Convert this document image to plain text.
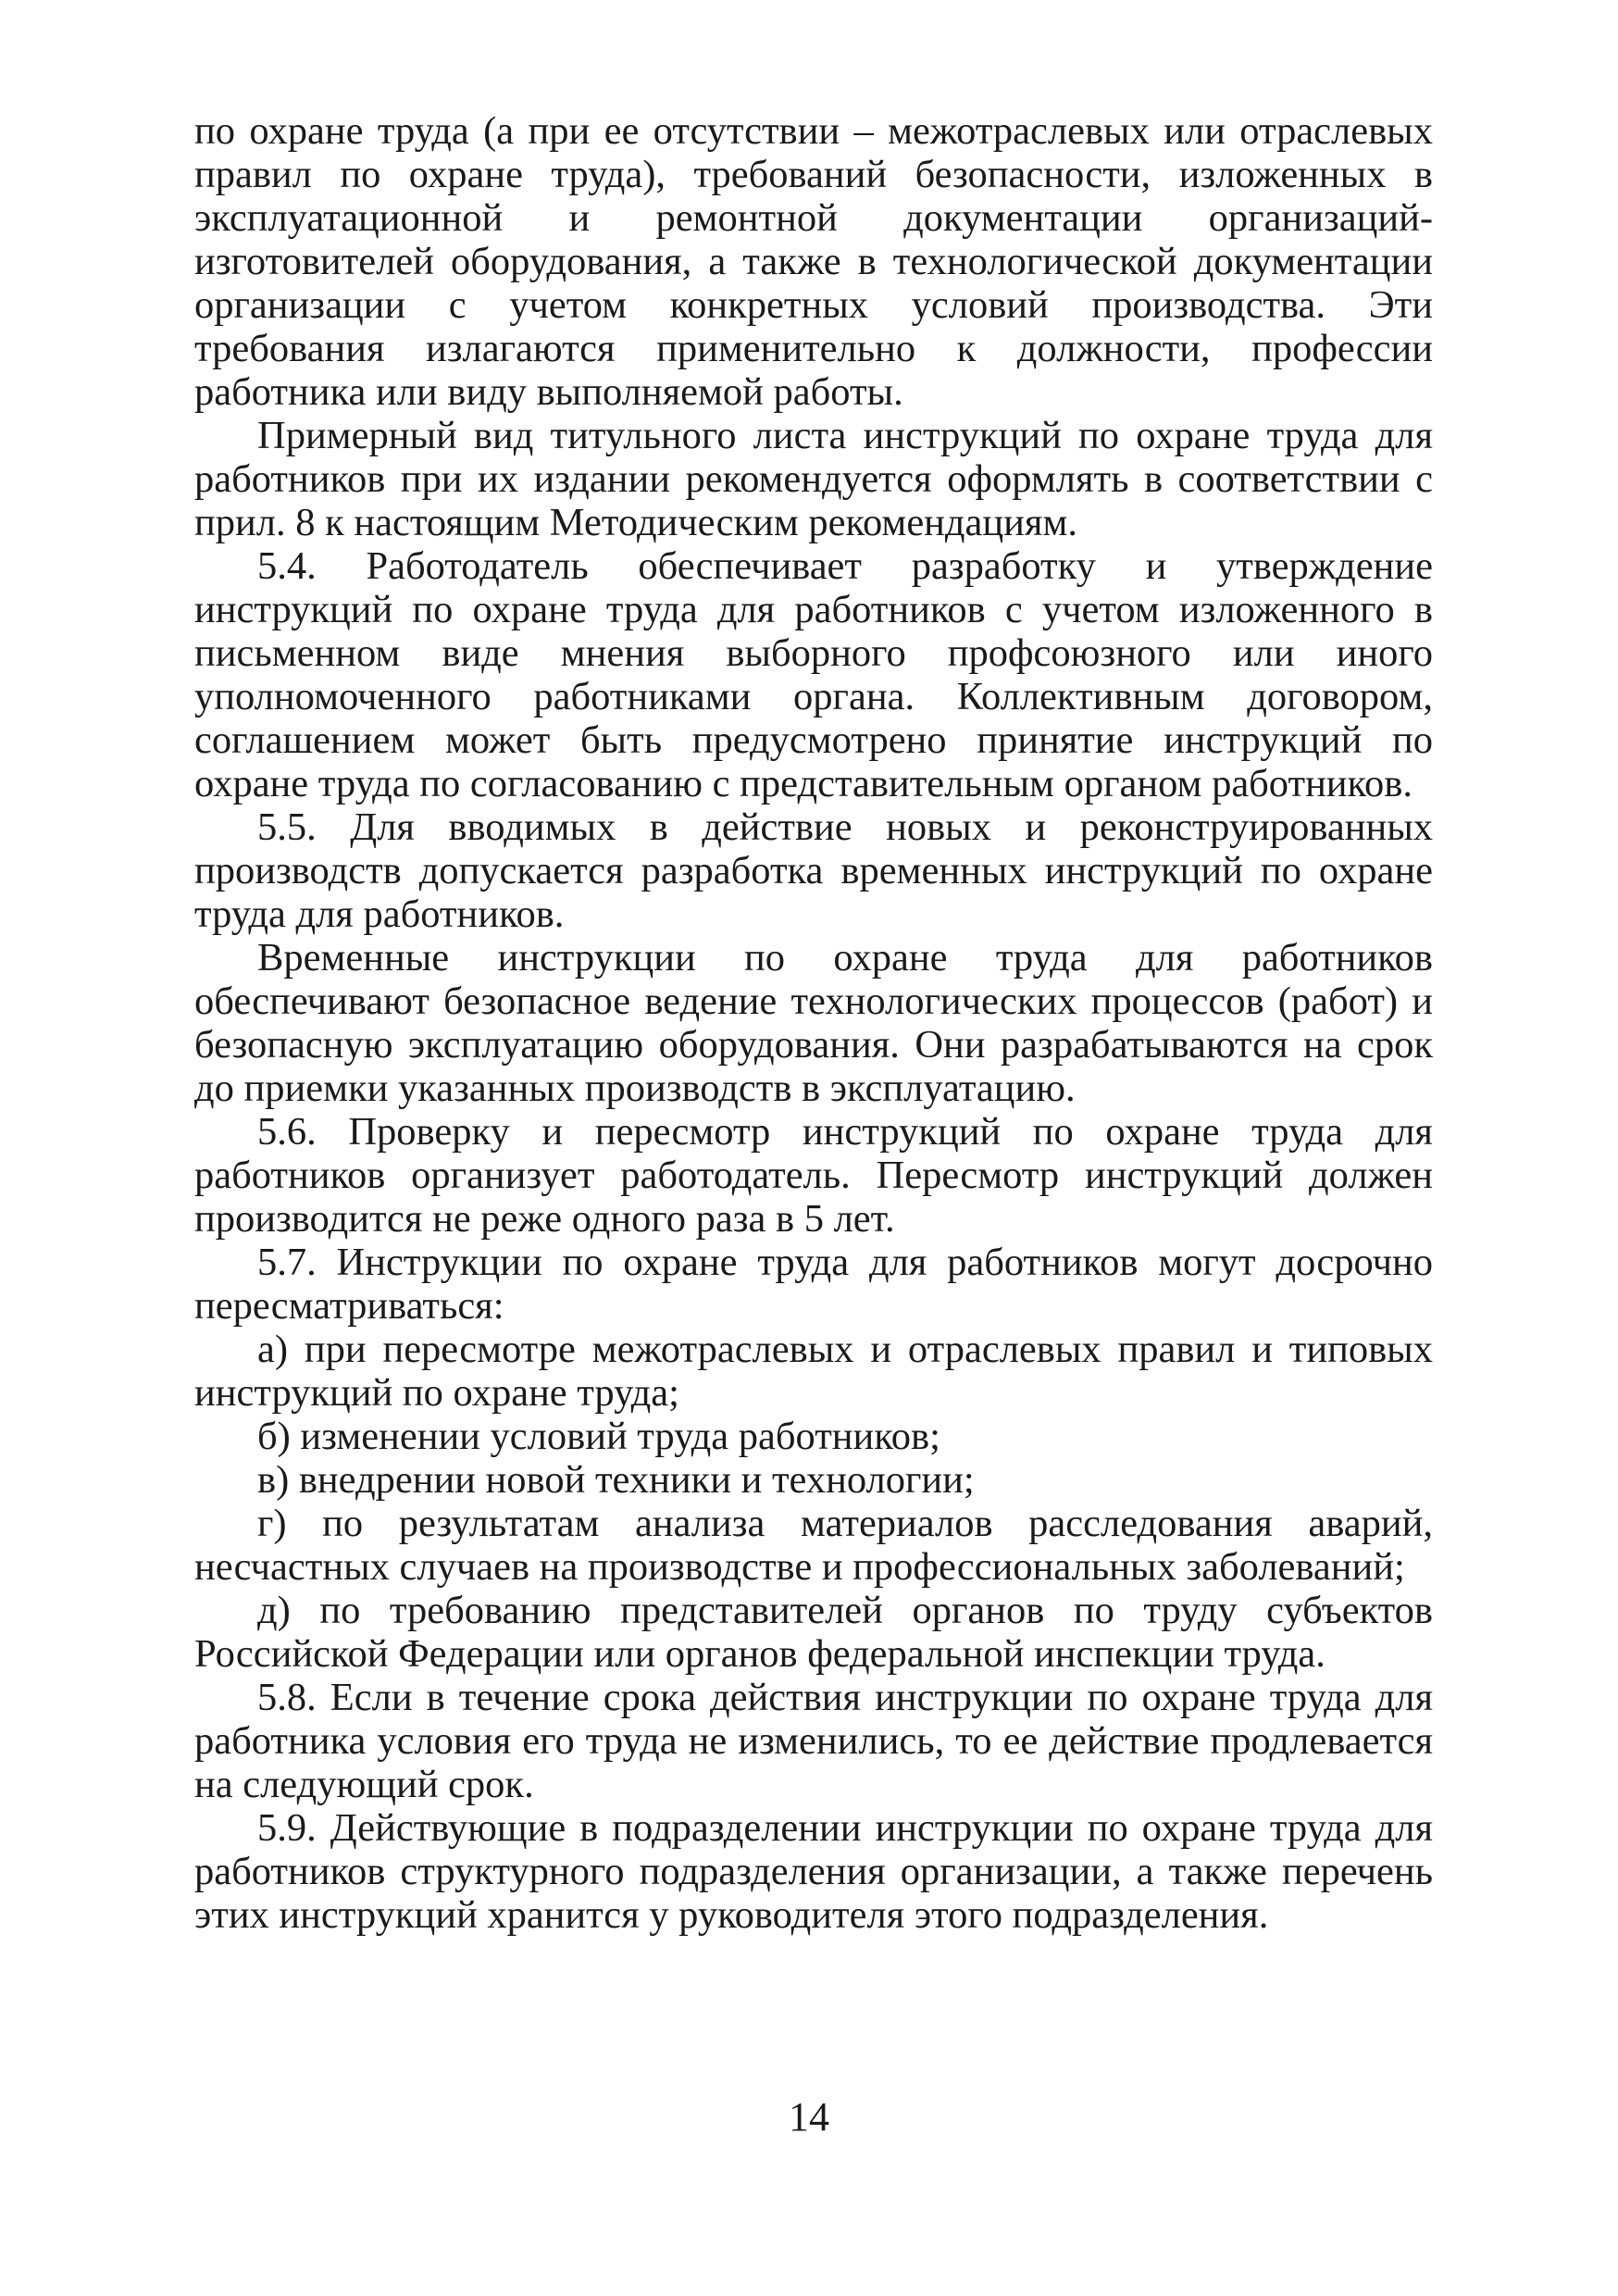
по охране труда (а при ее отсутствии – межотраслевых или отраслевых правил по охране труда), требований безопасности, изложенных в эксплуатационной и ремонтной документации организаций-изготовителей оборудования, а также в технологической документации организации с учетом конкретных условий производства. Эти требования излагаются применительно к должности, профессии работника или виду выполняемой работы.

Примерный вид титульного листа инструкций по охране труда для работников при их издании рекомендуется оформлять в соответствии с прил. 8 к настоящим Методическим рекомендациям.

5.4. Работодатель обеспечивает разработку и утверждение инструкций по охране труда для работников с учетом изложенного в письменном виде мнения выборного профсоюзного или иного уполномоченного работниками органа. Коллективным договором, соглашением может быть предусмотрено принятие инструкций по охране труда по согласованию с представительным органом работников.

5.5. Для вводимых в действие новых и реконструированных производств допускается разработка временных инструкций по охране труда для работников.

Временные инструкции по охране труда для работников обеспечивают безопасное ведение технологических процессов (работ) и безопасную эксплуатацию оборудования. Они разрабатываются на срок до приемки указанных производств в эксплуатацию.

5.6. Проверку и пересмотр инструкций по охране труда для работников организует работодатель. Пересмотр инструкций должен производится не реже одного раза в 5 лет.

5.7. Инструкции по охране труда для работников могут досрочно пересматриваться:

а) при пересмотре межотраслевых и отраслевых правил и типовых инструкций по охране труда;

б) изменении условий труда работников;

в) внедрении новой техники и технологии;

г) по результатам анализа материалов расследования аварий, несчастных случаев на производстве и профессиональных заболеваний;

д) по требованию представителей органов по труду субъектов Российской Федерации или органов федеральной инспекции труда.

5.8. Если в течение срока действия инструкции по охране труда для работника условия его труда не изменились, то ее действие продлевается на следующий срок.

5.9. Действующие в подразделении инструкции по охране труда для работников структурного подразделения организации, а также перечень этих инструкций хранится у руководителя этого подразделения.

14
